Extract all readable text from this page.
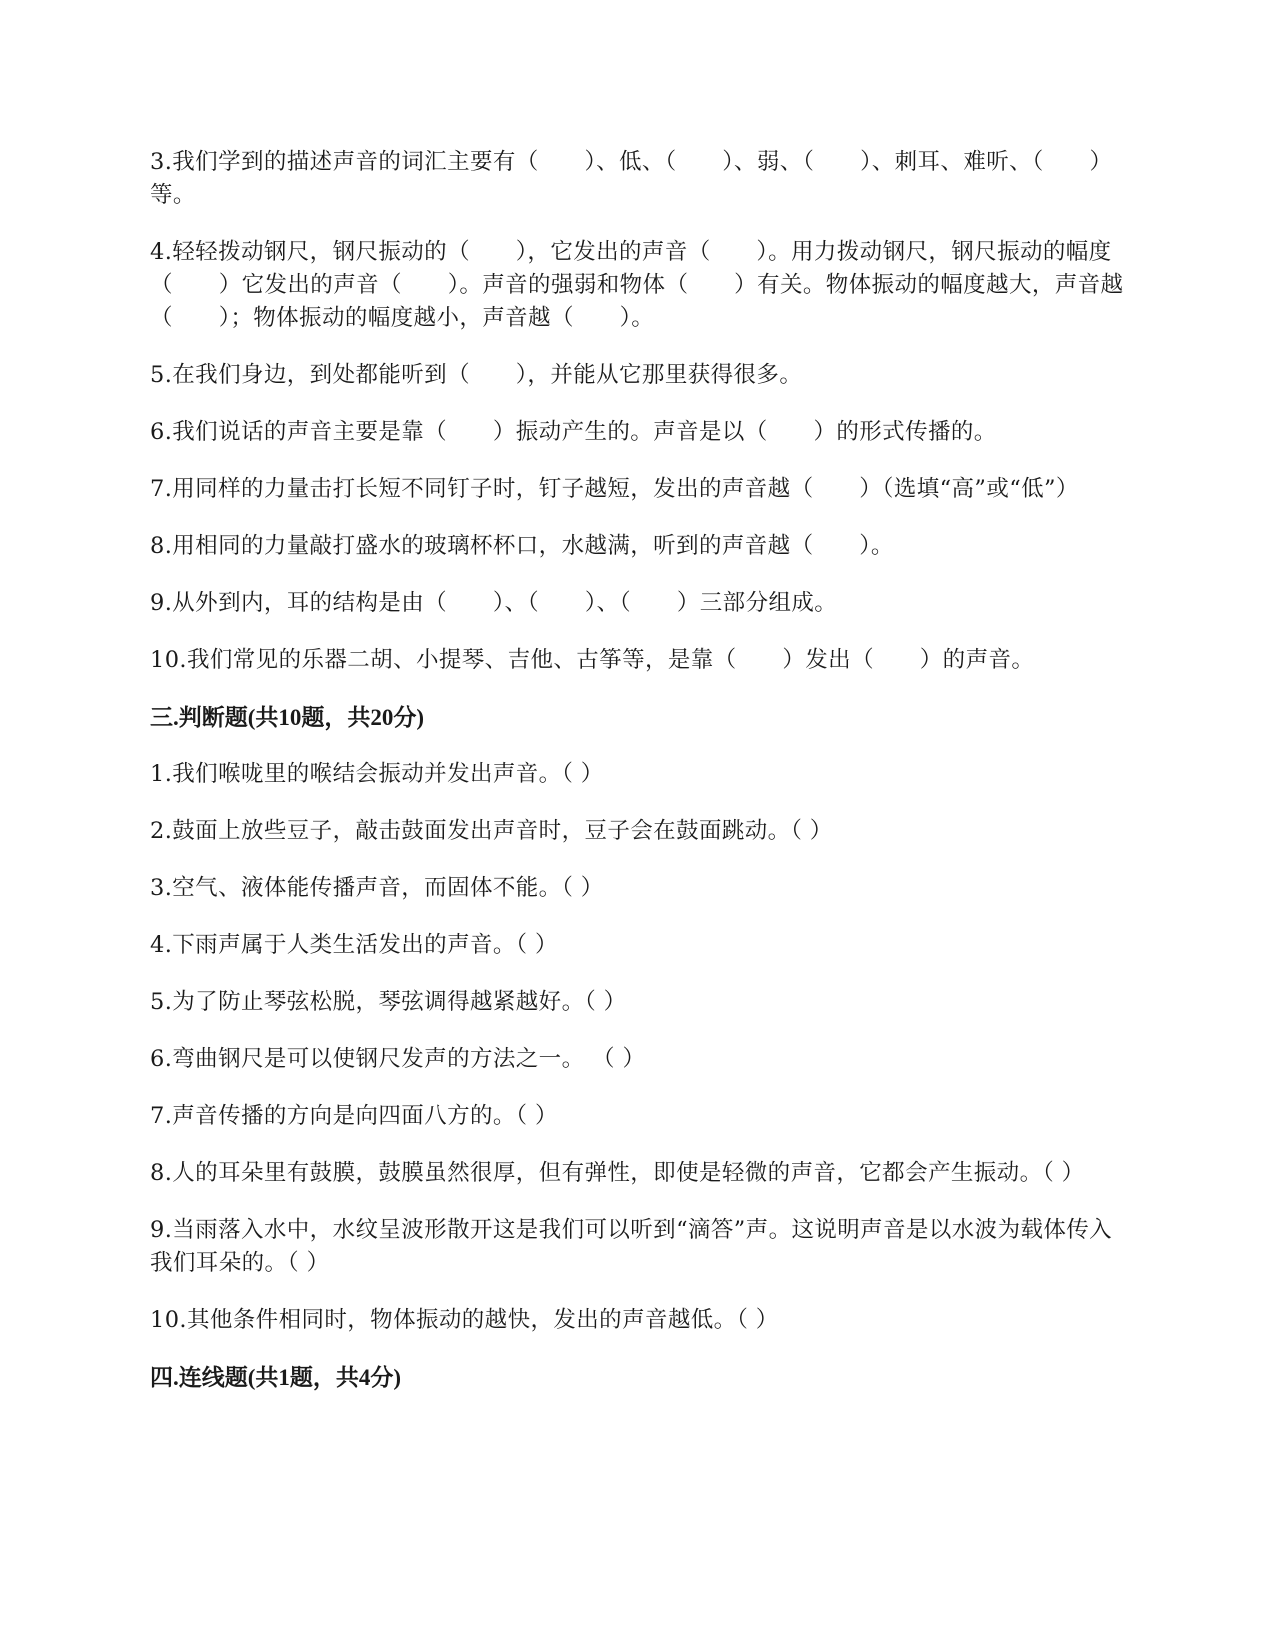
3.我们学到的描述声音的词汇主要有（　　）、低、（　　）、弱、（　　）、刺耳、难听、（　　）等。

4.轻轻拨动钢尺，钢尺振动的（　　），它发出的声音（　　）。用力拨动钢尺，钢尺振动的幅度（　　）它发出的声音（　　）。声音的强弱和物体（　　）有关。物体振动的幅度越大，声音越（　　）；物体振动的幅度越小，声音越（　　）。

5.在我们身边，到处都能听到（　　），并能从它那里获得很多。

6.我们说话的声音主要是靠（　　）振动产生的。声音是以（　　）的形式传播的。

7.用同样的力量击打长短不同钉子时，钉子越短，发出的声音越（　　）（选填“高”或“低”）

8.用相同的力量敲打盛水的玻璃杯杯口，水越满，听到的声音越（　　）。

9.从外到内，耳的结构是由（　　）、（　　）、（　　）三部分组成。

10.我们常见的乐器二胡、小提琴、吉他、古筝等，是靠（　　）发出（　　）的声音。

三.判断题(共10题，共20分)

1.我们喉咙里的喉结会振动并发出声音。（ ）

2.鼓面上放些豆子，敲击鼓面发出声音时，豆子会在鼓面跳动。（ ）

3.空气、液体能传播声音，而固体不能。（ ）

4.下雨声属于人类生活发出的声音。（ ）

5.为了防止琴弦松脱，琴弦调得越紧越好。（ ）

6.弯曲钢尺是可以使钢尺发声的方法之一。 （ ）

7.声音传播的方向是向四面八方的。（ ）

8.人的耳朵里有鼓膜，鼓膜虽然很厚，但有弹性，即使是轻微的声音，它都会产生振动。（ ）

9.当雨落入水中，水纹呈波形散开这是我们可以听到“滴答”声。这说明声音是以水波为载体传入我们耳朵的。（ ）

10.其他条件相同时，物体振动的越快，发出的声音越低。（ ）

四.连线题(共1题，共4分)
